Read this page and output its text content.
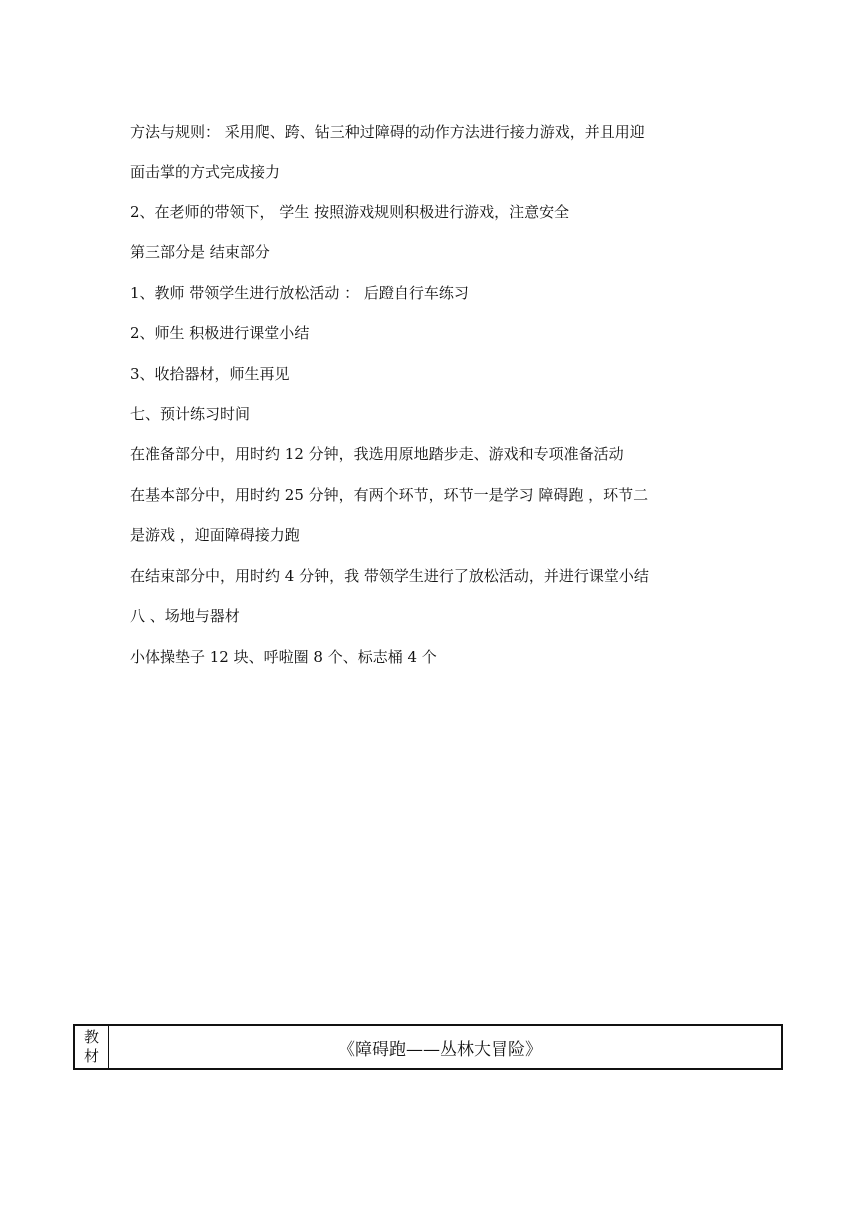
方法与规则： 采用爬、跨、钻三种过障碍的动作方法进行接力游戏，并且用迎
面击掌的方式完成接力
2、在老师的带领下， 学生 按照游戏规则积极进行游戏，注意安全
第三部分是 结束部分
1、教师 带领学生进行放松活动 ： 后蹬自行车练习
2、师生 积极进行课堂小结
3、收拾器材，师生再见
七、预计练习时间
在准备部分中，用时约 12 分钟，我选用原地踏步走、游戏和专项准备活动
在基本部分中，用时约 25 分钟，有两个环节，环节一是学习 障碍跑 ，环节二
是游戏 ，迎面障碍接力跑
在结束部分中，用时约 4 分钟，我 带领学生进行了放松活动，并进行课堂小结
八 、场地与器材
小体操垫子 12 块、呼啦圈 8 个、标志桶 4 个
教
材	《障碍跑——丛林大冒险》
